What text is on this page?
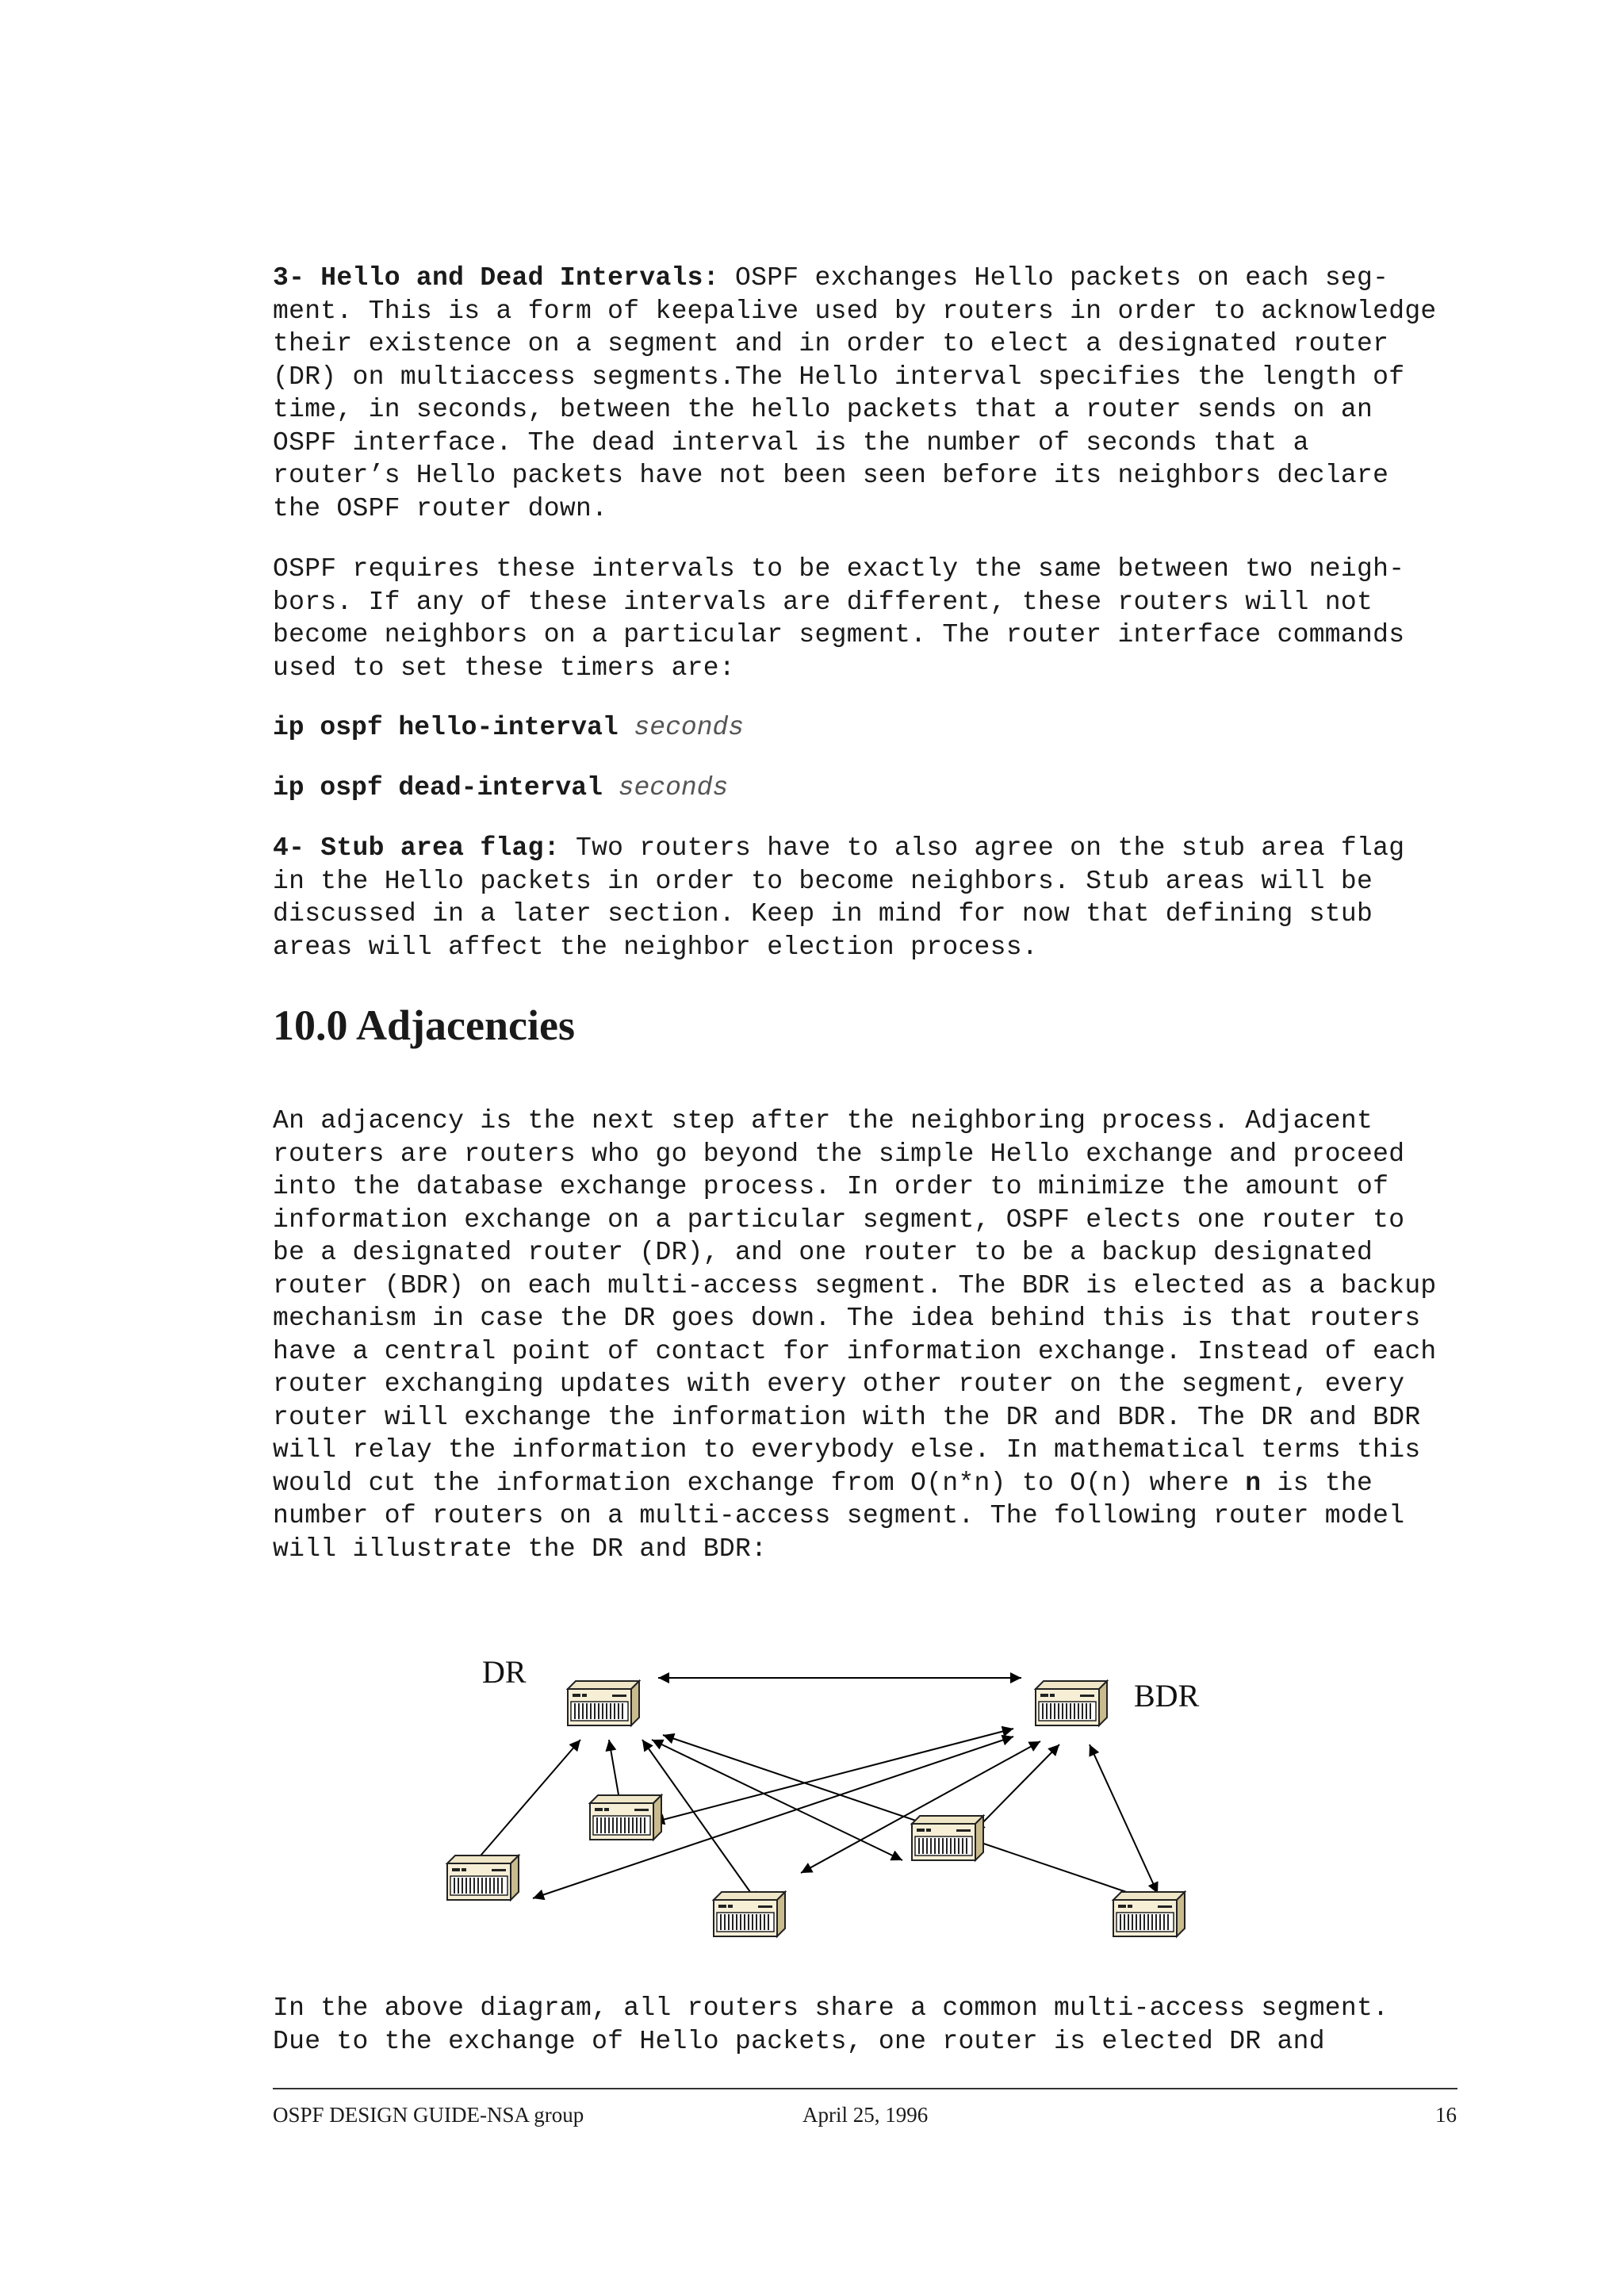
3- Hello and Dead Intervals: OSPF exchanges Hello packets on each seg-
ment. This is a form of keepalive used by routers in order to acknowledge
their existence on a segment and in order to elect a designated router
(DR) on multiaccess segments.The Hello interval specifies the length of
time, in seconds, between the hello packets that a router sends on an
OSPF interface. The dead interval is the number of seconds that a
router’s Hello packets have not been seen before its neighbors declare
the OSPF router down.
OSPF requires these intervals to be exactly the same between two neigh-
bors. If any of these intervals are different, these routers will not
become neighbors on a particular segment. The router interface commands
used to set these timers are:
ip ospf hello-interval seconds
ip ospf dead-interval seconds
4- Stub area flag: Two routers have to also agree on the stub area flag
in the Hello packets in order to become neighbors. Stub areas will be
discussed in a later section. Keep in mind for now that defining stub
areas will affect the neighbor election process.
10.0 Adjacencies
An adjacency is the next step after the neighboring process. Adjacent
routers are routers who go beyond the simple Hello exchange and proceed
into the database exchange process. In order to minimize the amount of
information exchange on a particular segment, OSPF elects one router to
be a designated router (DR), and one router to be a backup designated
router (BDR) on each multi-access segment. The BDR is elected as a backup
mechanism in case the DR goes down. The idea behind this is that routers
have a central point of contact for information exchange. Instead of each
router exchanging updates with every other router on the segment, every
router will exchange the information with the DR and BDR. The DR and BDR
will relay the information to everybody else. In mathematical terms this
would cut the information exchange from O(n*n) to O(n) where n is the
number of routers on a multi-access segment. The following router model
will illustrate the DR and BDR:
DR
BDR
In the above diagram, all routers share a common multi-access segment.
Due to the exchange of Hello packets, one router is elected DR and
OSPF DESIGN GUIDE-NSA group	April 25, 1996	16
